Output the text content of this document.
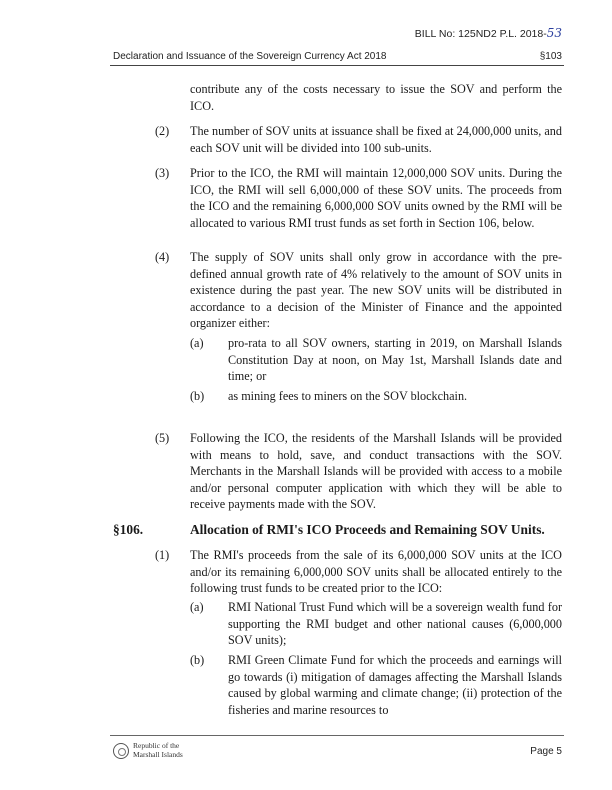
BILL No: 125ND2 P.L. 2018-53
Declaration and Issuance of the Sovereign Currency Act 2018	§103
contribute any of the costs necessary to issue the SOV and perform the ICO.
(2) The number of SOV units at issuance shall be fixed at 24,000,000 units, and each SOV unit will be divided into 100 sub-units.
(3) Prior to the ICO, the RMI will maintain 12,000,000 SOV units. During the ICO, the RMI will sell 6,000,000 of these SOV units. The proceeds from the ICO and the remaining 6,000,000 SOV units owned by the RMI will be allocated to various RMI trust funds as set forth in Section 106, below.
(4) The supply of SOV units shall only grow in accordance with the pre-defined annual growth rate of 4% relatively to the amount of SOV units in existence during the past year. The new SOV units will be distributed in accordance to a decision of the Minister of Finance and the appointed organizer either:
(a) pro-rata to all SOV owners, starting in 2019, on Marshall Islands Constitution Day at noon, on May 1st, Marshall Islands date and time; or
(b) as mining fees to miners on the SOV blockchain.
(5) Following the ICO, the residents of the Marshall Islands will be provided with means to hold, save, and conduct transactions with the SOV. Merchants in the Marshall Islands will be provided with access to a mobile and/or personal computer application with which they will be able to receive payments made with the SOV.
§106.	Allocation of RMI's ICO Proceeds and Remaining SOV Units.
(1) The RMI's proceeds from the sale of its 6,000,000 SOV units at the ICO and/or its remaining 6,000,000 SOV units shall be allocated entirely to the following trust funds to be created prior to the ICO:
(a) RMI National Trust Fund which will be a sovereign wealth fund for supporting the RMI budget and other national causes (6,000,000 SOV units);
(b) RMI Green Climate Fund for which the proceeds and earnings will go towards (i) mitigation of damages affecting the Marshall Islands caused by global warming and climate change; (ii) protection of the fisheries and marine resources to
Republic of the
Marshall Islands	Page 5
